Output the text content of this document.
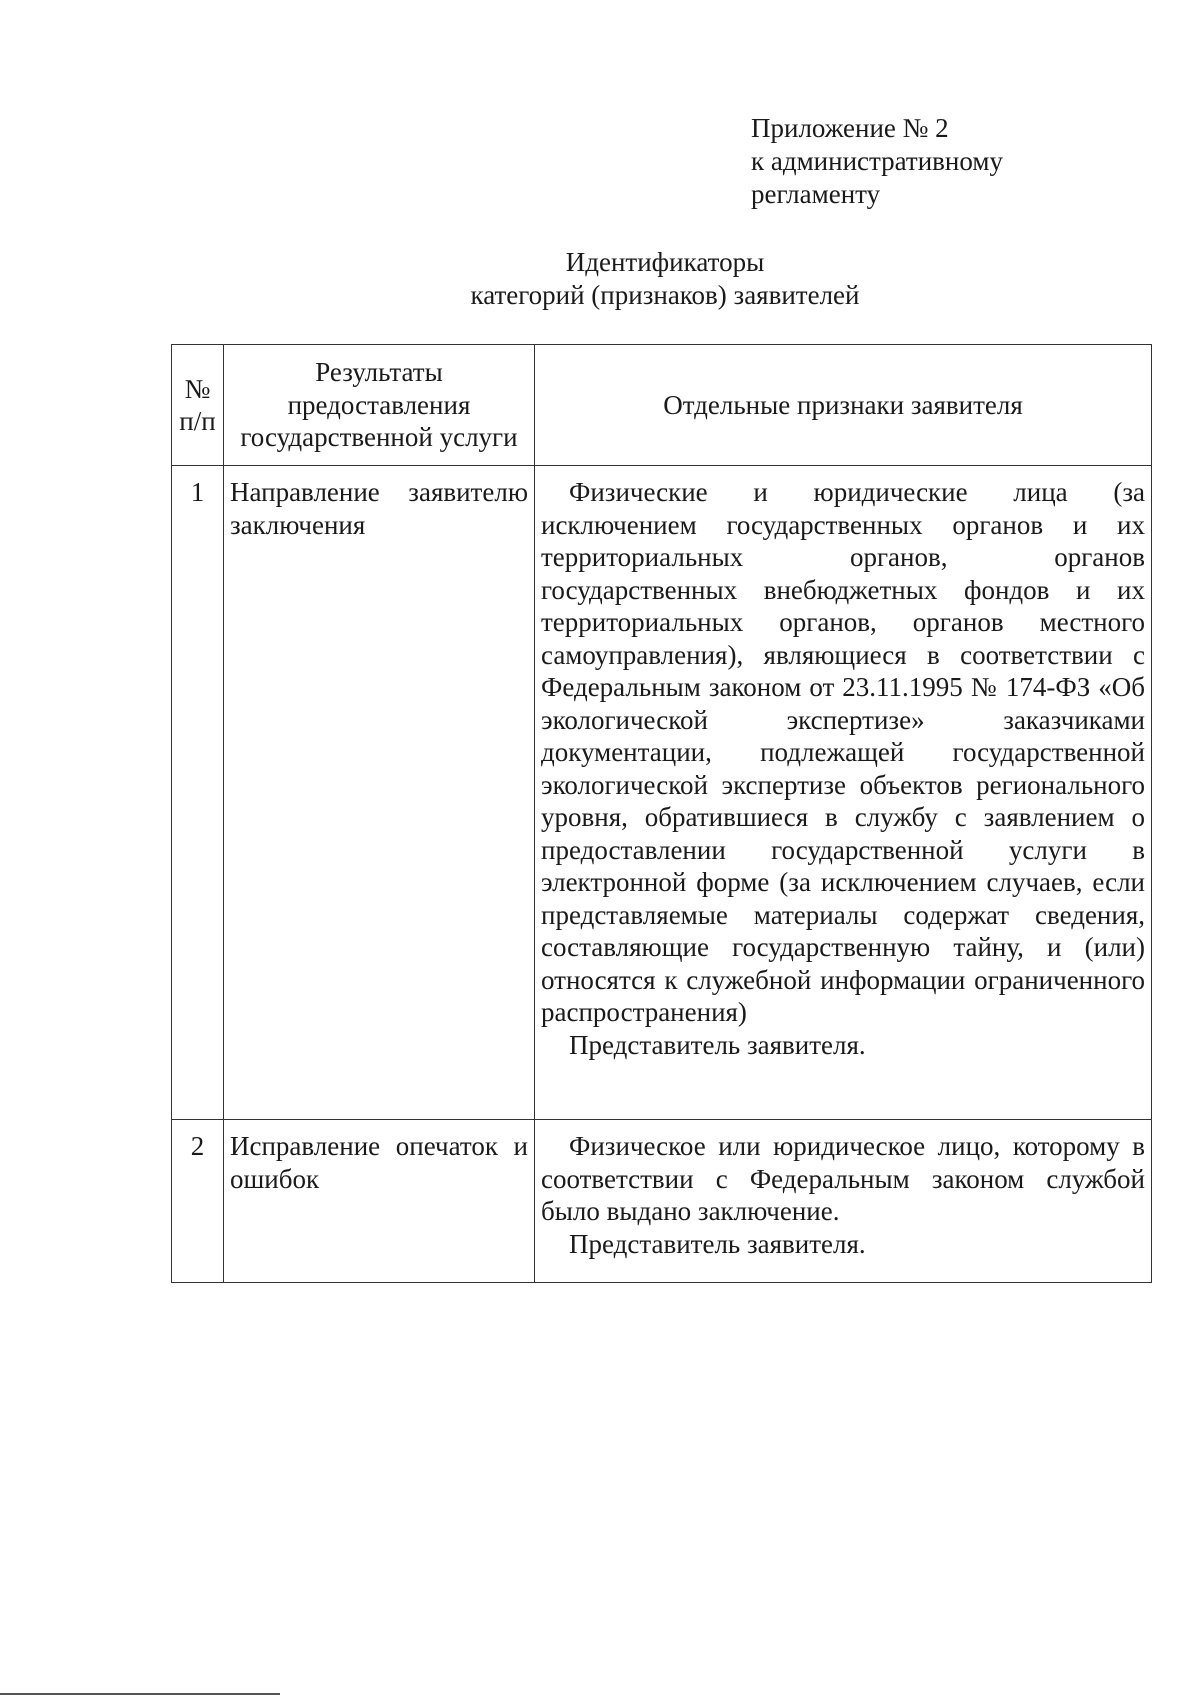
Приложение № 2
к административному
регламенту
Идентификаторы
категорий (признаков) заявителей
№ п/п	Результаты предоставления государственной услуги	Отдельные признаки заявителя
1	Направление заявителю заключения	Физические и юридические лица (за исключением государственных органов и их территориальных органов, органов государственных внебюджетных фондов и их территориальных органов, органов местного самоуправления), являющиеся в соответствии с Федеральным законом от 23.11.1995 № 174-ФЗ «Об экологической экспертизе» заказчиками документации, подлежащей государственной экологической экспертизе объектов регионального уровня, обратившиеся в службу с заявлением о предоставлении государственной услуги в электронной форме (за исключением случаев, если представляемые материалы содержат сведения, составляющие государственную тайну, и (или) относятся к служебной информации ограниченного распространения)

Представитель заявителя.

2	Исправление опечаток и ошибок	Физическое или юридическое лицо, которому в соответствии с Федеральным законом службой было выдано заключение.

Представитель заявителя.
